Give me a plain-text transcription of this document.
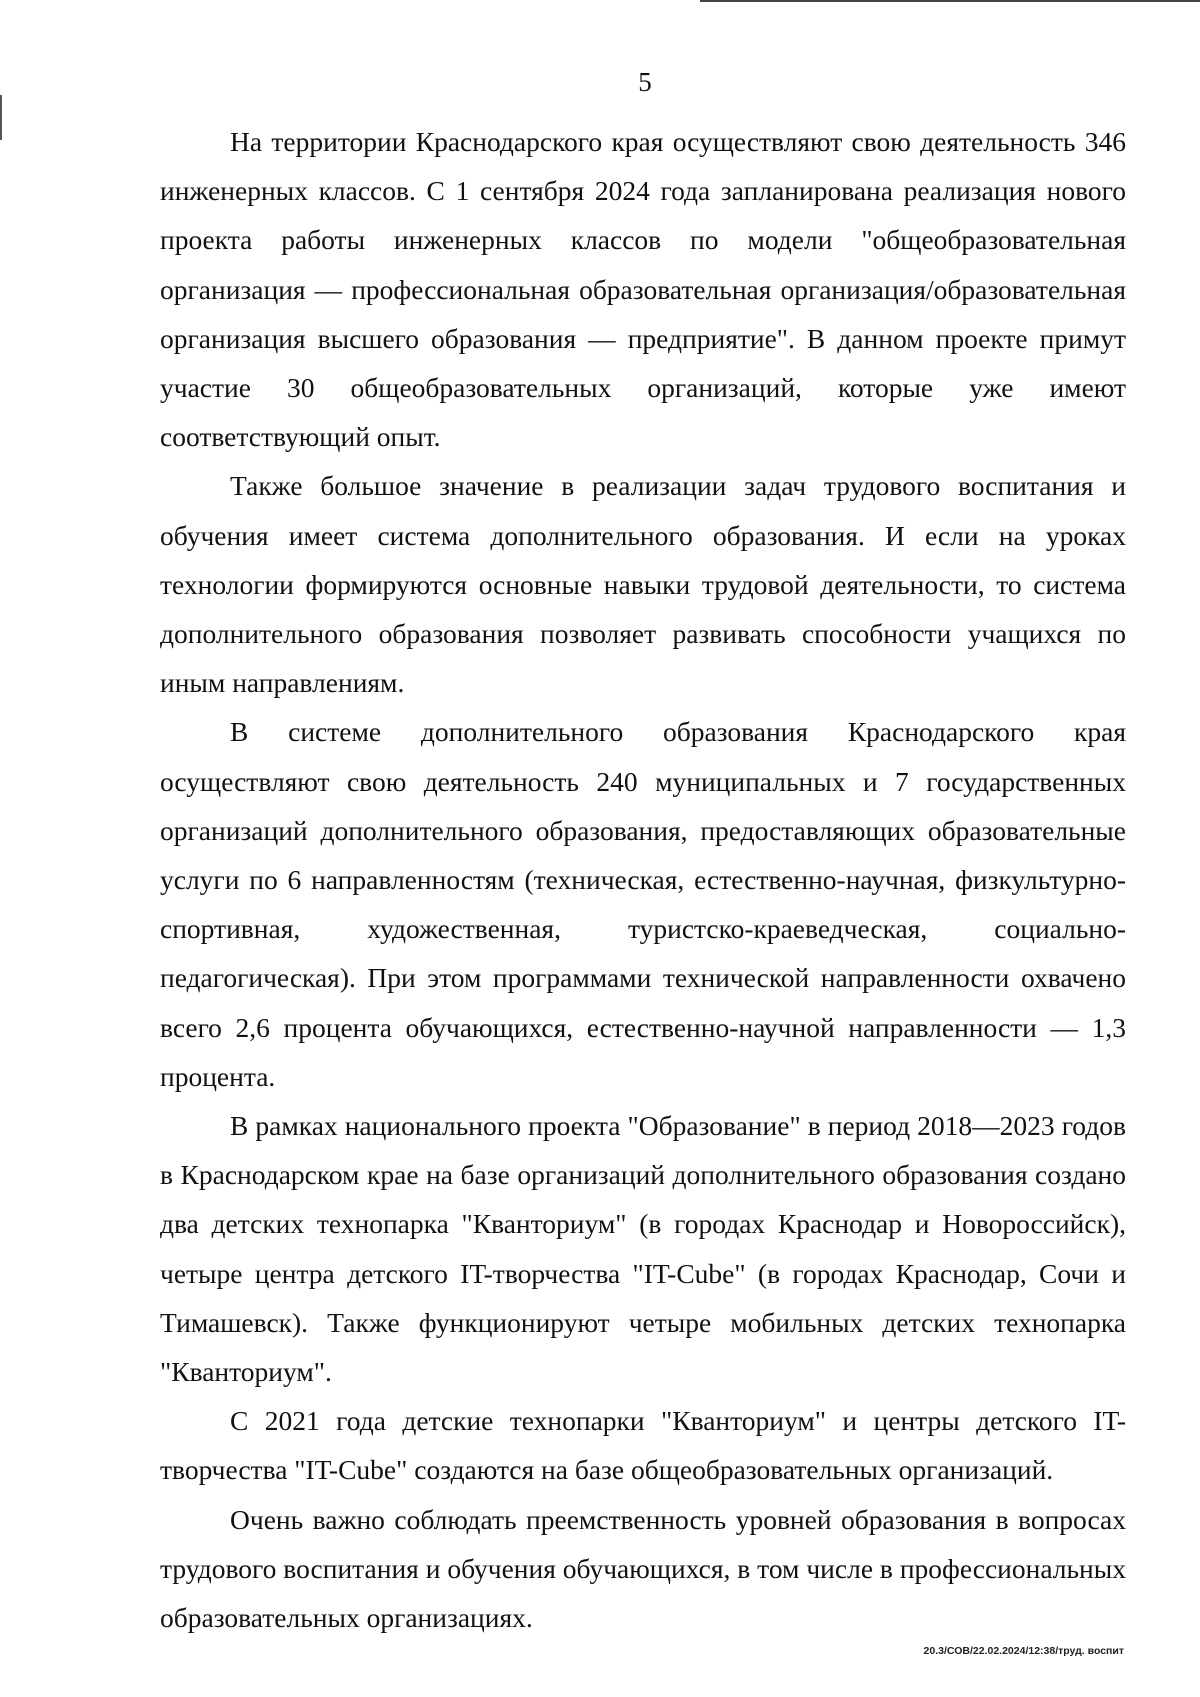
5

На территории Краснодарского края осуществляют свою деятельность 346 инженерных классов. С 1 сентября 2024 года запланирована реализация нового проекта работы инженерных классов по модели "общеобразовательная организация — профессиональная образовательная организация/образовательная организация высшего образования — предприятие". В данном проекте примут участие 30 общеобразовательных организаций, которые уже имеют соответствующий опыт.

Также большое значение в реализации задач трудового воспитания и обучения имеет система дополнительного образования. И если на уроках технологии формируются основные навыки трудовой деятельности, то система дополнительного образования позволяет развивать способности учащихся по иным направлениям.

В системе дополнительного образования Краснодарского края осуществляют свою деятельность 240 муниципальных и 7 государственных организаций дополнительного образования, предоставляющих образовательные услуги по 6 направленностям (техническая, естественно-научная, физкультурно-спортивная, художественная, туристско-краеведческая, социально-педагогическая). При этом программами технической направленности охвачено всего 2,6 процента обучающихся, естественно-научной направленности — 1,3 процента.

В рамках национального проекта "Образование" в период 2018—2023 годов в Краснодарском крае на базе организаций дополнительного образования создано два детских технопарка "Кванториум" (в городах Краснодар и Новороссийск), четыре центра детского IT-творчества "IT-Cube" (в городах Краснодар, Сочи и Тимашевск). Также функционируют четыре мобильных детских технопарка "Кванториум".

С 2021 года детские технопарки "Кванториум" и центры детского IT-творчества "IT-Cube" создаются на базе общеобразовательных организаций.

Очень важно соблюдать преемственность уровней образования в вопросах трудового воспитания и обучения обучающихся, в том числе в профессиональных образовательных организациях.

20.3/СОВ/22.02.2024/12:38/труд. воспит
